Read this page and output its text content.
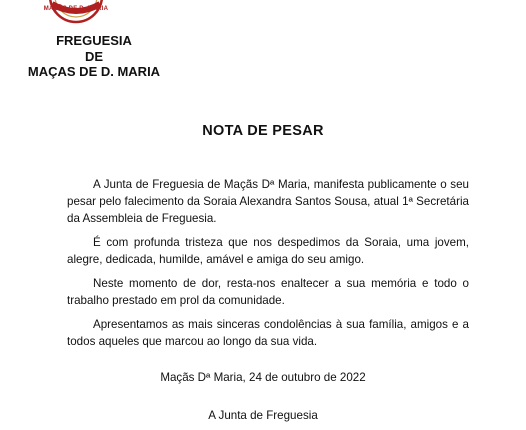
MAÇÃS DE D. MARIA
FREGUESIA
DE
MAÇAS DE D. MARIA
NOTA DE PESAR

A Junta de Freguesia de Maçãs Dª Maria, manifesta publicamente o seu pesar pelo falecimento da Soraia Alexandra Santos Sousa, atual 1ª Secretária da Assembleia de Freguesia.

É com profunda tristeza que nos despedimos da Soraia, uma jovem, alegre, dedicada, humilde, amável e amiga do seu amigo.

Neste momento de dor, resta-nos enaltecer a sua memória e todo o trabalho prestado em prol da comunidade.

Apresentamos as mais sinceras condolências à sua família, amigos e a todos aqueles que marcou ao longo da sua vida.

Maçãs Dª Maria, 24 de outubro de 2022
A Junta de Freguesia
